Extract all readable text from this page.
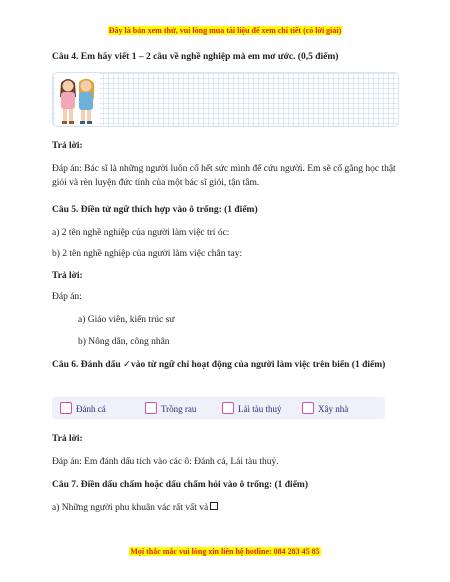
Đây là bản xem thử, vui lòng mua tài liệu để xem chi tiết (có lời giải)

Câu 4. Em hãy viết 1 – 2 câu về nghề nghiệp mà em mơ ước. (0,5 điểm)

Trả lời:

Đáp án: Bác sĩ là những người luôn cố hết sức mình để cứu người. Em sẽ cố gắng học thật giỏi và rèn luyện đức tính của một bác sĩ giỏi, tận tâm.

Câu 5. Điền từ ngữ thích hợp vào ô trống: (1 điểm)

a) 2 tên nghề nghiệp của người làm việc trí óc:

b) 2 tên nghề nghiệp của người làm việc chân tay:

Trả lời:

Đáp án:

a) Giáo viên, kiến trúc sư

b) Nông dân, công nhân

Câu 6. Đánh dấu ✓vào từ ngữ chỉ hoạt động của người làm việc trên biển (1 điểm)

Đánh cá	Trồng rau	Lái tàu thuỷ	Xây nhà

Trả lời:

Đáp án: Em đánh dấu tích vào các ô: Đánh cá, Lái tàu thuỷ.

Câu 7. Điền dấu chấm hoặc dấu chấm hỏi vào ô trống: (1 điểm)

a) Những người phu khuân vác rất vất vả

Mọi thắc mắc vui lòng xin liên hệ hotline: 084 283 45 85
